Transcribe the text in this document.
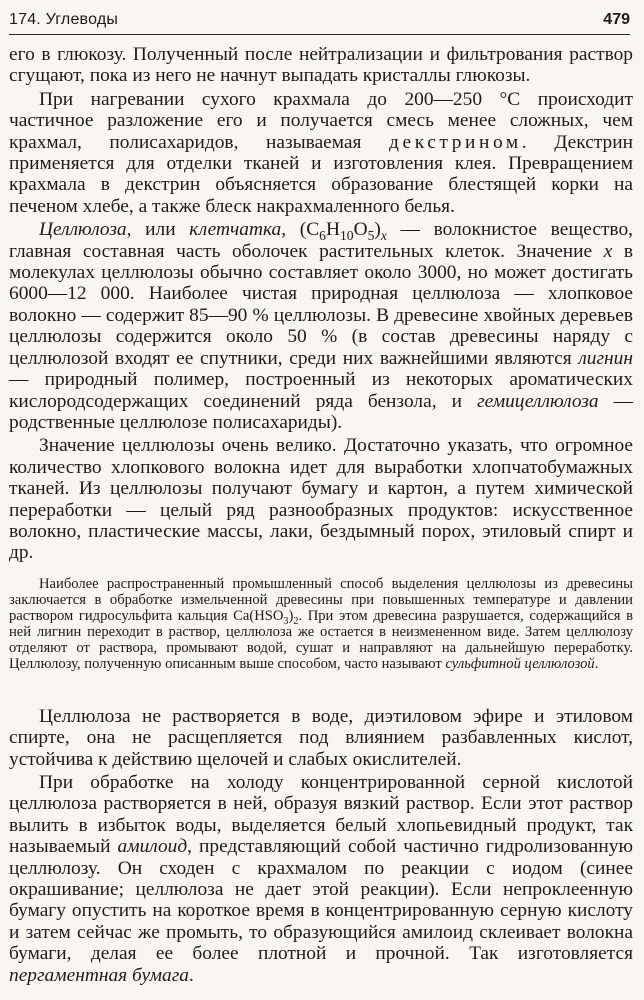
174. Углеводы	479

его в глюкозу. Полученный после нейтрализации и фильтрования раствор сгущают, пока из него не начнут выпадать кристаллы глюкозы.

При нагревании сухого крахмала до 200—250 °С происходит частичное разложение его и получается смесь менее сложных, чем крахмал, полисахаридов, называемая декстрином. Декстрин применяется для отделки тканей и изготовления клея. Превращением крахмала в декстрин объясняется образование блестящей корки на печеном хлебе, а также блеск накрахмаленного белья.

Целлюлоза, или клетчатка, $(C_6H_{10}O_5)_x$ — волокнистое вещество, главная составная часть оболочек растительных клеток. Значение x в молекулах целлюлозы обычно составляет около 3000, но может достигать 6000—12 000. Наиболее чистая природная целлюлоза — хлопковое волокно — содержит 85—90 % целлюлозы. В древесине хвойных деревьев целлюлозы содержится около 50 % (в состав древесины наряду с целлюлозой входят ее спутники, среди них важнейшими являются лигнин — природный полимер, построенный из некоторых ароматических кислородсодержащих соединений ряда бензола, и гемицеллюлоза — родственные целлюлозе полисахариды).

Значение целлюлозы очень велико. Достаточно указать, что огромное количество хлопкового волокна идет для выработки хлопчатобумажных тканей. Из целлюлозы получают бумагу и картон, а путем химической переработки — целый ряд разнообразных продуктов: искусственное волокно, пластические массы, лаки, бездымный порох, этиловый спирт и др.

Наиболее распространенный промышленный способ выделения целлюлозы из древесины заключается в обработке измельченной древесины при повышенных температуре и давлении раствором гидросульфита кальция $Ca(HSO_3)_2$. При этом древесина разрушается, содержащийся в ней лигнин переходит в раствор, целлюлоза же остается в неизмененном виде. Затем целлюлозу отделяют от раствора, промывают водой, сушат и направляют на дальнейшую переработку. Целлюлозу, полученную описанным выше способом, часто называют сульфитной целлюлозой.

Целлюлоза не растворяется в воде, диэтиловом эфире и этиловом спирте, она не расщепляется под влиянием разбавленных кислот, устойчива к действию щелочей и слабых окислителей.

При обработке на холоду концентрированной серной кислотой целлюлоза растворяется в ней, образуя вязкий раствор. Если этот раствор вылить в избыток воды, выделяется белый хлопьевидный продукт, так называемый амилоид, представляющий собой частично гидролизованную целлюлозу. Он сходен с крахмалом по реакции с иодом (синее окрашивание; целлюлоза не дает этой реакции). Если непроклеенную бумагу опустить на короткое время в концентрированную серную кислоту и затем сейчас же промыть, то образующийся амилоид склеивает волокна бумаги, делая ее более плотной и прочной. Так изготовляется пергаментная бумага.
